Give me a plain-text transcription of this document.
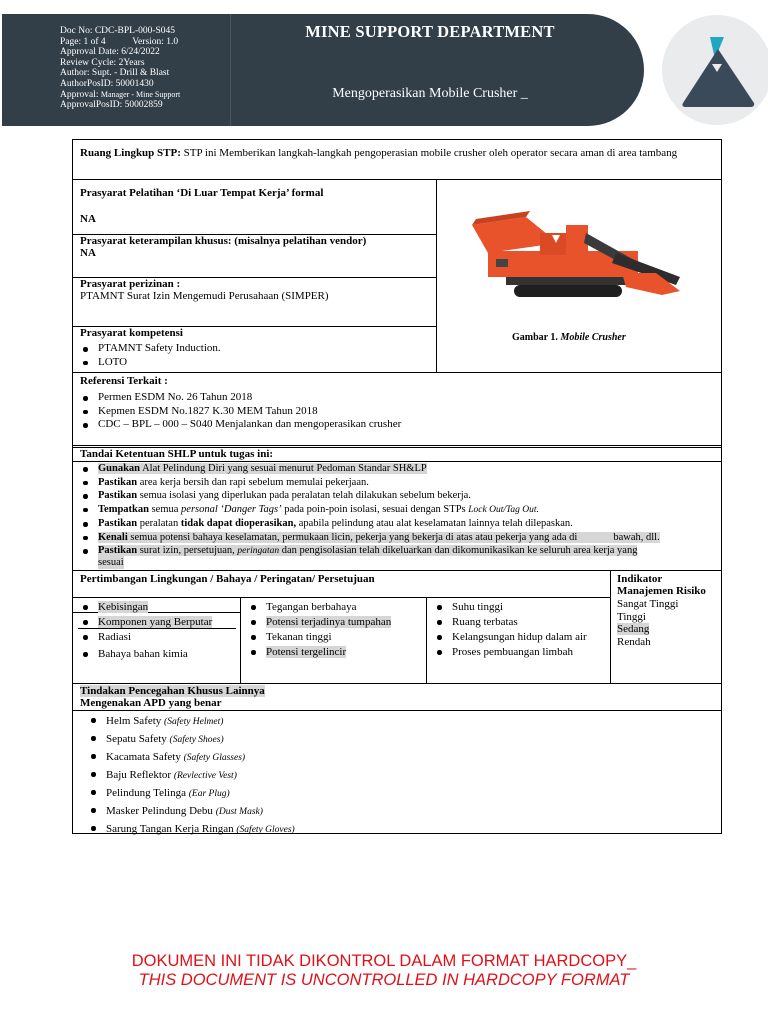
Doc No: CDC-BPL-000-S045
Page: 1 of 4	Version: 1.0
Approval Date: 6/24/2022
Review Cycle: 2Years
Author: Supt. - Drill & Blast
AuthorPosID: 50001430
Approval: Manager - Mine Support
ApprovalPosID: 50002859
MINE SUPPORT DEPARTMENT
Mengoperasikan Mobile Crusher _
Ruang Lingkup STP: STP ini Memberikan langkah-langkah pengoperasian mobile crusher oleh operator secara aman di area tambang
Prasyarat Pelatihan ‘Di Luar Tempat Kerja’ formal
NA
Prasyarat keterampilan khusus: (misalnya pelatihan vendor)
NA
Prasyarat perizinan :
PTAMNT Surat Izin Mengemudi Perusahaan (SIMPER)
Prasyarat kompetensi
PTAMNT Safety Induction.
LOTO
Gambar 1. Mobile Crusher
Referensi Terkait :
Permen ESDM No. 26 Tahun 2018
Kepmen ESDM No.1827 K.30 MEM Tahun 2018
CDC – BPL – 000 – S040 Menjalankan dan mengoperasikan crusher
Tandai Ketentuan SHLP untuk tugas ini:
Gunakan Alat Pelindung Diri yang sesuai menurut Pedoman Standar SH&LP
Pastikan area kerja bersih dan rapi sebelum memulai pekerjaan.
Pastikan semua isolasi yang diperlukan pada peralatan telah dilakukan sebelum bekerja.
Tempatkan semua personal ‘Danger Tags’ pada poin-poin isolasi, sesuai dengan STPs Lock Out/Tag Out.
Pastikan peralatan tidak dapat dioperasikan, apabila pelindung atau alat keselamatan lainnya telah dilepaskan.
Kenali semua potensi bahaya keselamatan, permukaan licin, pekerja yang bekerja di atas atau pekerja yang ada di	bawah, dll.
Pastikan surat izin, persetujuan, peringatan dan pengisolasian telah dikeluarkan dan dikomunikasikan ke seluruh area kerja yang
sesuai
Pertimbangan Lingkungan / Bahaya / Peringatan/ Persetujuan	Indikator
Manajemen Risiko
Kebisingan
Komponen yang Berputar
Radiasi
Bahaya bahan kimia
Tegangan berbahaya
Potensi terjadinya tumpahan
Tekanan tinggi
Potensi tergelincir
Suhu tinggi
Ruang terbatas
Kelangsungan hidup dalam air
Proses pembuangan limbah
Sangat Tinggi
Tinggi
Sedang
Rendah
Tindakan Pencegahan Khusus Lainnya
Mengenakan APD yang benar
Helm Safety (Safety Helmet)
Sepatu Safety (Safety Shoes)
Kacamata Safety (Safety Glasses)
Baju Reflektor (Revlective Vest)
Pelindung Telinga (Ear Plug)
Masker Pelindung Debu (Dust Mask)
Sarung Tangan Kerja Ringan (Safety Gloves)
DOKUMEN INI TIDAK DIKONTROL DALAM FORMAT HARDCOPY_
THIS DOCUMENT IS UNCONTROLLED IN HARDCOPY FORMAT
